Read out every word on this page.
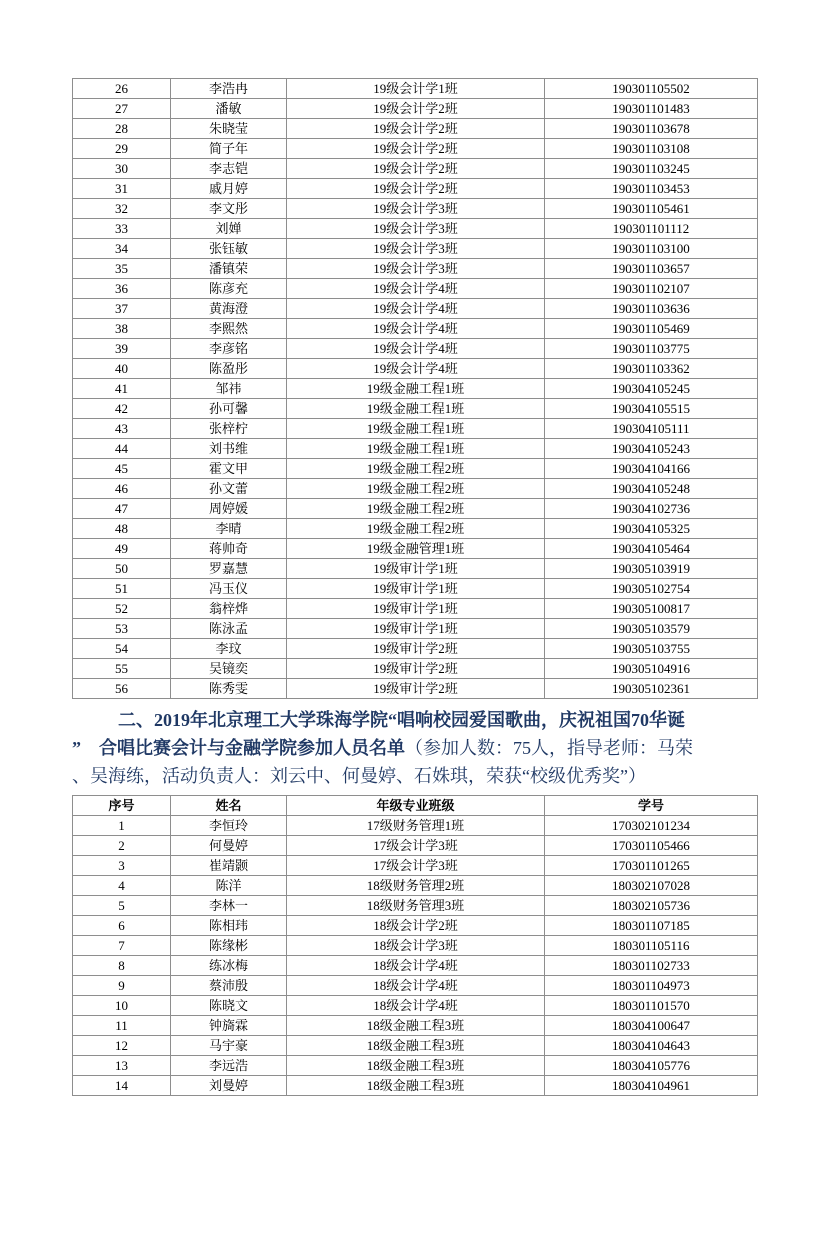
26	李浩冉	19级会计学1班	190301105502
27	潘敏	19级会计学2班	190301101483
28	朱晓莹	19级会计学2班	190301103678
29	简子年	19级会计学2班	190301103108
30	李志铠	19级会计学2班	190301103245
31	戚月婷	19级会计学2班	190301103453
32	李文彤	19级会计学3班	190301105461
33	刘婵	19级会计学3班	190301101112
34	张钰敏	19级会计学3班	190301103100
35	潘镇荣	19级会计学3班	190301103657
36	陈彦充	19级会计学4班	190301102107
37	黄海澄	19级会计学4班	190301103636
38	李熙然	19级会计学4班	190301105469
39	李彦铭	19级会计学4班	190301103775
40	陈盈彤	19级会计学4班	190301103362
41	邹祎	19级金融工程1班	190304105245
42	孙可馨	19级金融工程1班	190304105515
43	张梓柠	19级金融工程1班	190304105111
44	刘书维	19级金融工程1班	190304105243
45	霍文甲	19级金融工程2班	190304104166
46	孙文蕾	19级金融工程2班	190304105248
47	周婷媛	19级金融工程2班	190304102736
48	李晴	19级金融工程2班	190304105325
49	蒋帅奇	19级金融管理1班	190304105464
50	罗嘉慧	19级审计学1班	190305103919
51	冯玉仪	19级审计学1班	190305102754
52	翁梓烨	19级审计学1班	190305100817
53	陈泳孟	19级审计学1班	190305103579
54	李玟	19级审计学2班	190305103755
55	吴镜奕	19级审计学2班	190305104916
56	陈秀雯	19级审计学2班	190305102361
二、2019年北京理工大学珠海学院“唱响校园爱国歌曲，庆祝祖国70华诞
”　合唱比赛会计与金融学院参加人员名单（参加人数：75人，指导老师：马荣
、吴海练，活动负责人：刘云中、何曼婷、石姝琪，荣获“校级优秀奖”）
序号	姓名	年级专业班级	学号
1	李恒玲	17级财务管理1班	170302101234
2	何曼婷	17级会计学3班	170301105466
3	崔靖颢	17级会计学3班	170301101265
4	陈洋	18级财务管理2班	180302107028
5	李林一	18级财务管理3班	180302105736
6	陈相玮	18级会计学2班	180301107185
7	陈缘彬	18级会计学3班	180301105116
8	练冰梅	18级会计学4班	180301102733
9	蔡沛殷	18级会计学4班	180301104973
10	陈晓文	18级会计学4班	180301101570
11	钟旖霖	18级金融工程3班	180304100647
12	马宇豪	18级金融工程3班	180304104643
13	李远浩	18级金融工程3班	180304105776
14	刘曼婷	18级金融工程3班	180304104961
